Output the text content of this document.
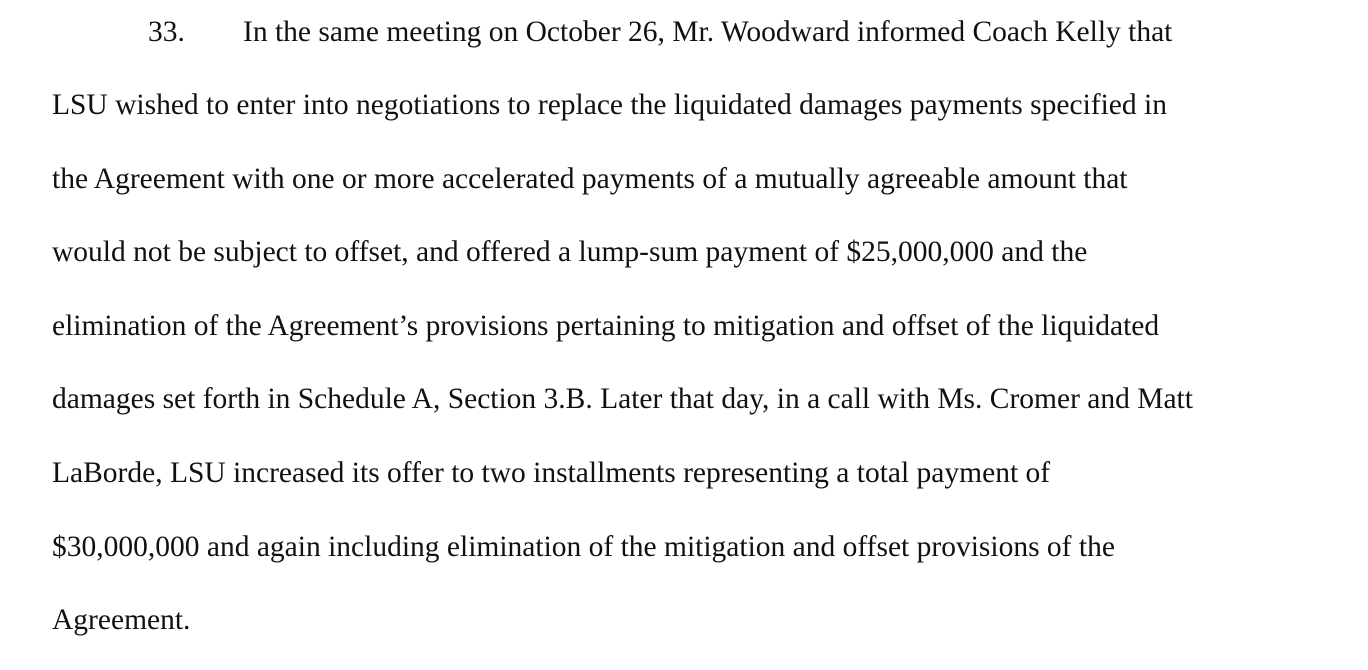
33. In the same meeting on October 26, Mr. Woodward informed Coach Kelly that
LSU wished to enter into negotiations to replace the liquidated damages payments specified in
the Agreement with one or more accelerated payments of a mutually agreeable amount that
would not be subject to offset, and offered a lump-sum payment of $25,000,000 and the
elimination of the Agreement’s provisions pertaining to mitigation and offset of the liquidated
damages set forth in Schedule A, Section 3.B. Later that day, in a call with Ms. Cromer and Matt
LaBorde, LSU increased its offer to two installments representing a total payment of
$30,000,000 and again including elimination of the mitigation and offset provisions of the
Agreement.
